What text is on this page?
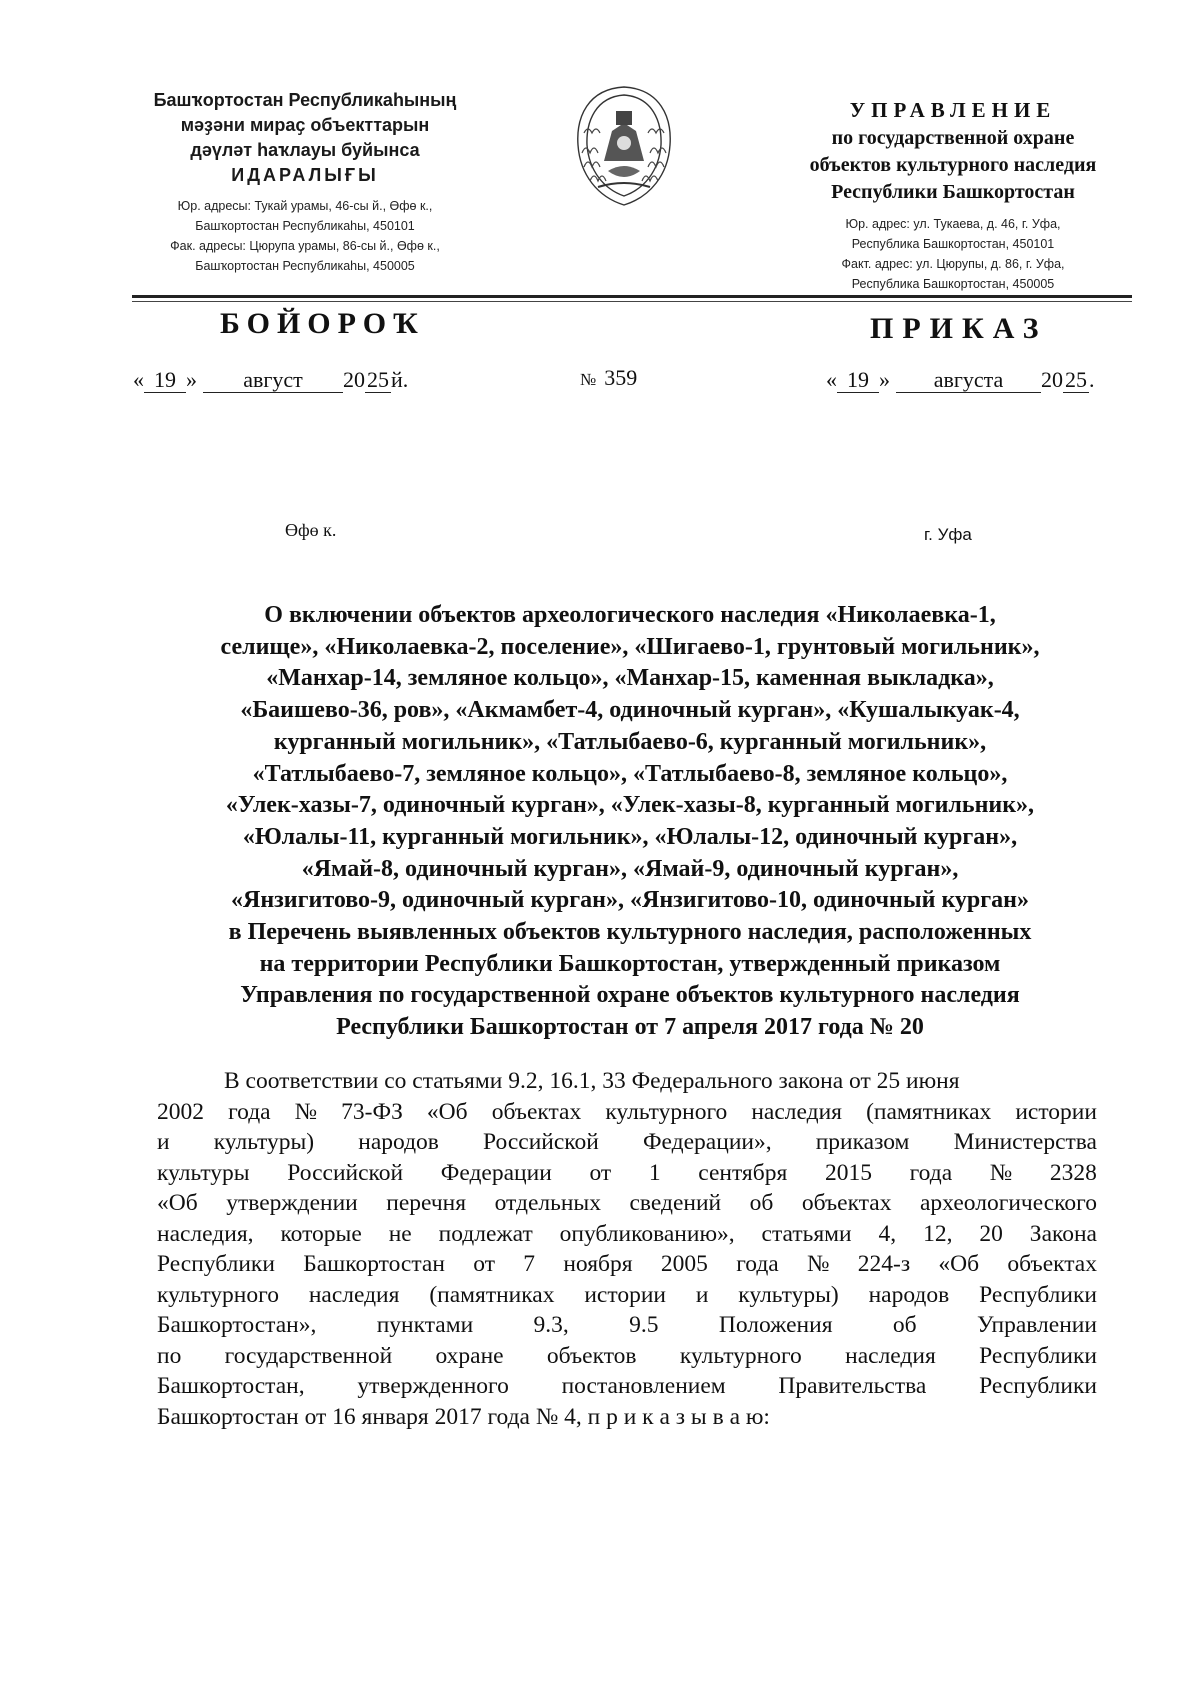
Башҡортостан Республикаһының
мәҙәни мираҫ объекттарын
дәүләт һаҡлауы буйынса
ИДАРАЛЫҒЫ
Юр. адресы: Тукай урамы, 46-сы й., Өфө к.,
Башҡортостан Республикаһы, 450101
Фак. адресы: Цюрупа урамы, 86-сы й., Өфө к.,
Башҡортостан Республикаһы, 450005
УПРАВЛЕНИЕ
по государственной охране
объектов культурного наследия
Республики Башкортостан
Юр. адрес: ул. Тукаева, д. 46, г. Уфа,
Республика Башкортостан, 450101
Факт. адрес: ул. Цюрупы, д. 86, г. Уфа,
Республика Башкортостан, 450005
БОЙОРОҠ	ПРИКАЗ
« 19 » август 2025й.	№ 359	« 19 » августа 2025.
Өфө к.	г. Уфа
О включении объектов археологического наследия «Николаевка-1,
селище», «Николаевка-2, поселение», «Шигаево-1, грунтовый могильник»,
«Манхар-14, земляное кольцо», «Манхар-15, каменная выкладка»,
«Баишево-36, ров», «Акмамбет-4, одиночный курган», «Кушалыкуак-4,
курганный могильник», «Татлыбаево-6, курганный могильник»,
«Татлыбаево-7, земляное кольцо», «Татлыбаево-8, земляное кольцо»,
«Улек-хазы-7, одиночный курган», «Улек-хазы-8, курганный могильник»,
«Юлалы-11, курганный могильник», «Юлалы-12, одиночный курган»,
«Ямай-8, одиночный курган», «Ямай-9, одиночный курган»,
«Янзигитово-9, одиночный курган», «Янзигитово-10, одиночный курган»
в Перечень выявленных объектов культурного наследия, расположенных
на территории Республики Башкортостан, утвержденный приказом
Управления по государственной охране объектов культурного наследия
Республики Башкортостан от 7 апреля 2017 года № 20
В соответствии со статьями 9.2, 16.1, 33 Федерального закона от 25 июня
2002 года № 73-ФЗ «Об объектах культурного наследия (памятниках истории
и культуры) народов Российской Федерации», приказом Министерства
культуры Российской Федерации от 1 сентября 2015 года № 2328
«Об утверждении перечня отдельных сведений об объектах археологического
наследия, которые не подлежат опубликованию», статьями 4, 12, 20 Закона
Республики Башкортостан от 7 ноября 2005 года № 224-з «Об объектах
культурного наследия (памятниках истории и культуры) народов Республики
Башкортостан»,	пунктами	9.3,	9.5	Положения	об	Управлении
по государственной охране объектов культурного наследия Республики
Башкортостан, утвержденного постановлением Правительства Республики
Башкортостан от 16 января 2017 года № 4, п р и к а з ы в а ю:
